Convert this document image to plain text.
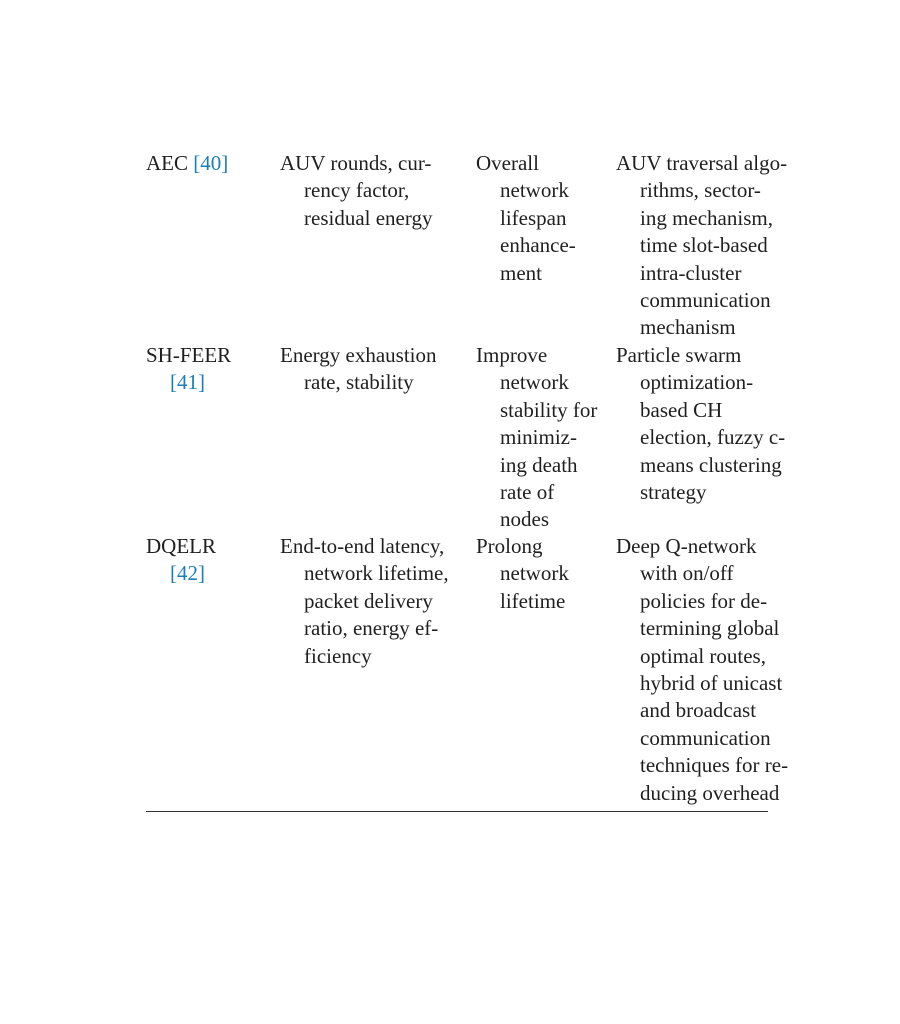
AEC [40]	AUV rounds, cur-
rency factor,
residual energy
Overall
network
lifespan
enhance-
ment
AUV traversal algo-
rithms, sector-
ing mechanism,
time slot-based
intra-cluster
communication
mechanism
SH-FEER
[41]
Energy exhaustion
rate, stability
Improve
network
stability for
minimiz-
ing death
rate of
nodes
Particle swarm
optimization-
based CH
election, fuzzy c-
means clustering
strategy
DQELR
[42]
End-to-end latency,
network lifetime,
packet delivery
ratio, energy ef-
ficiency
Prolong
network
lifetime
Deep Q-network
with on/off
policies for de-
termining global
optimal routes,
hybrid of unicast
and broadcast
communication
techniques for re-
ducing overhead
